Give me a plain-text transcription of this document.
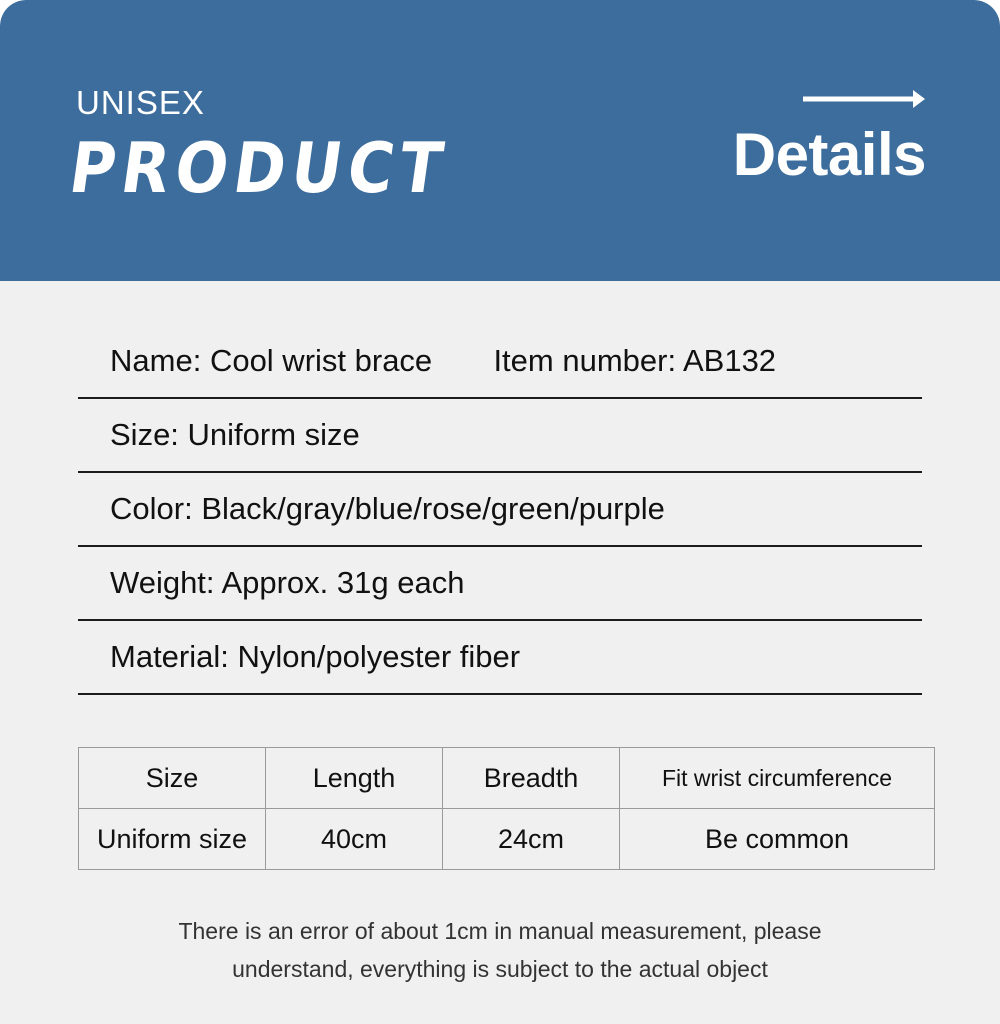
UNISEX
PRODUCT	Details
Name: Cool wrist brace Item number: AB132
Size: Uniform size
Color: Black/gray/blue/rose/green/purple
Weight: Approx. 31g each
Material: Nylon/polyester fiber
Size	Length	Breadth	Fit wrist circumference
Uniform size	40cm	24cm	Be common
There is an error of about 1cm in manual measurement, please
understand, everything is subject to the actual object
